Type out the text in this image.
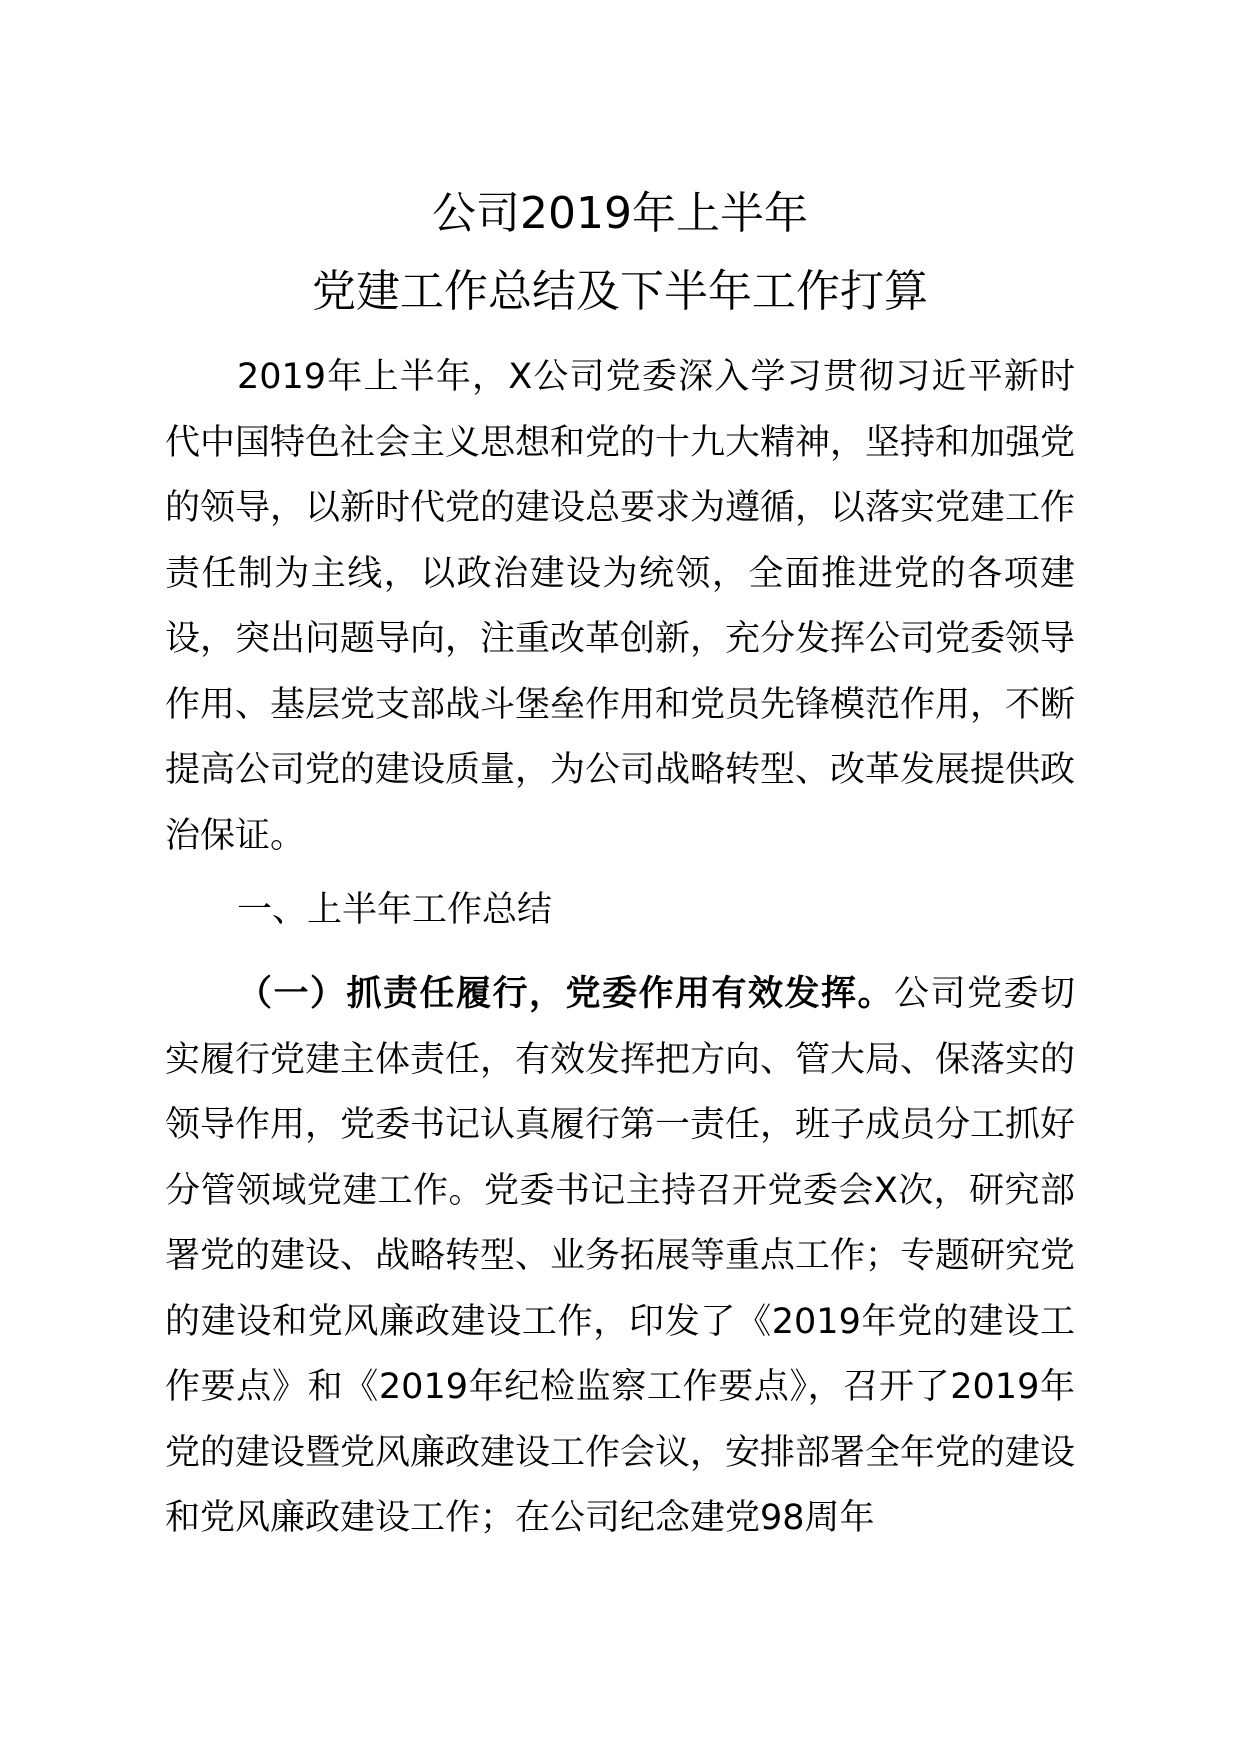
公司2019年上半年
党建工作总结及下半年工作打算
2019年上半年，X公司党委深入学习贯彻习近平新时代中国特色社会主义思想和党的十九大精神，坚持和加强党的领导，以新时代党的建设总要求为遵循，以落实党建工作责任制为主线，以政治建设为统领，全面推进党的各项建设，突出问题导向，注重改革创新，充分发挥公司党委领导作用、基层党支部战斗堡垒作用和党员先锋模范作用，不断提高公司党的建设质量，为公司战略转型、改革发展提供政治保证。
一、上半年工作总结
（一）抓责任履行，党委作用有效发挥。公司党委切实履行党建主体责任，有效发挥把方向、管大局、保落实的领导作用，党委书记认真履行第一责任，班子成员分工抓好分管领域党建工作。党委书记主持召开党委会X次，研究部署党的建设、战略转型、业务拓展等重点工作；专题研究党的建设和党风廉政建设工作，印发了《2019年党的建设工作要点》和《2019年纪检监察工作要点》，召开了2019年党的建设暨党风廉政建设工作会议，安排部署全年党的建设和党风廉政建设工作；在公司纪念建党98周年
